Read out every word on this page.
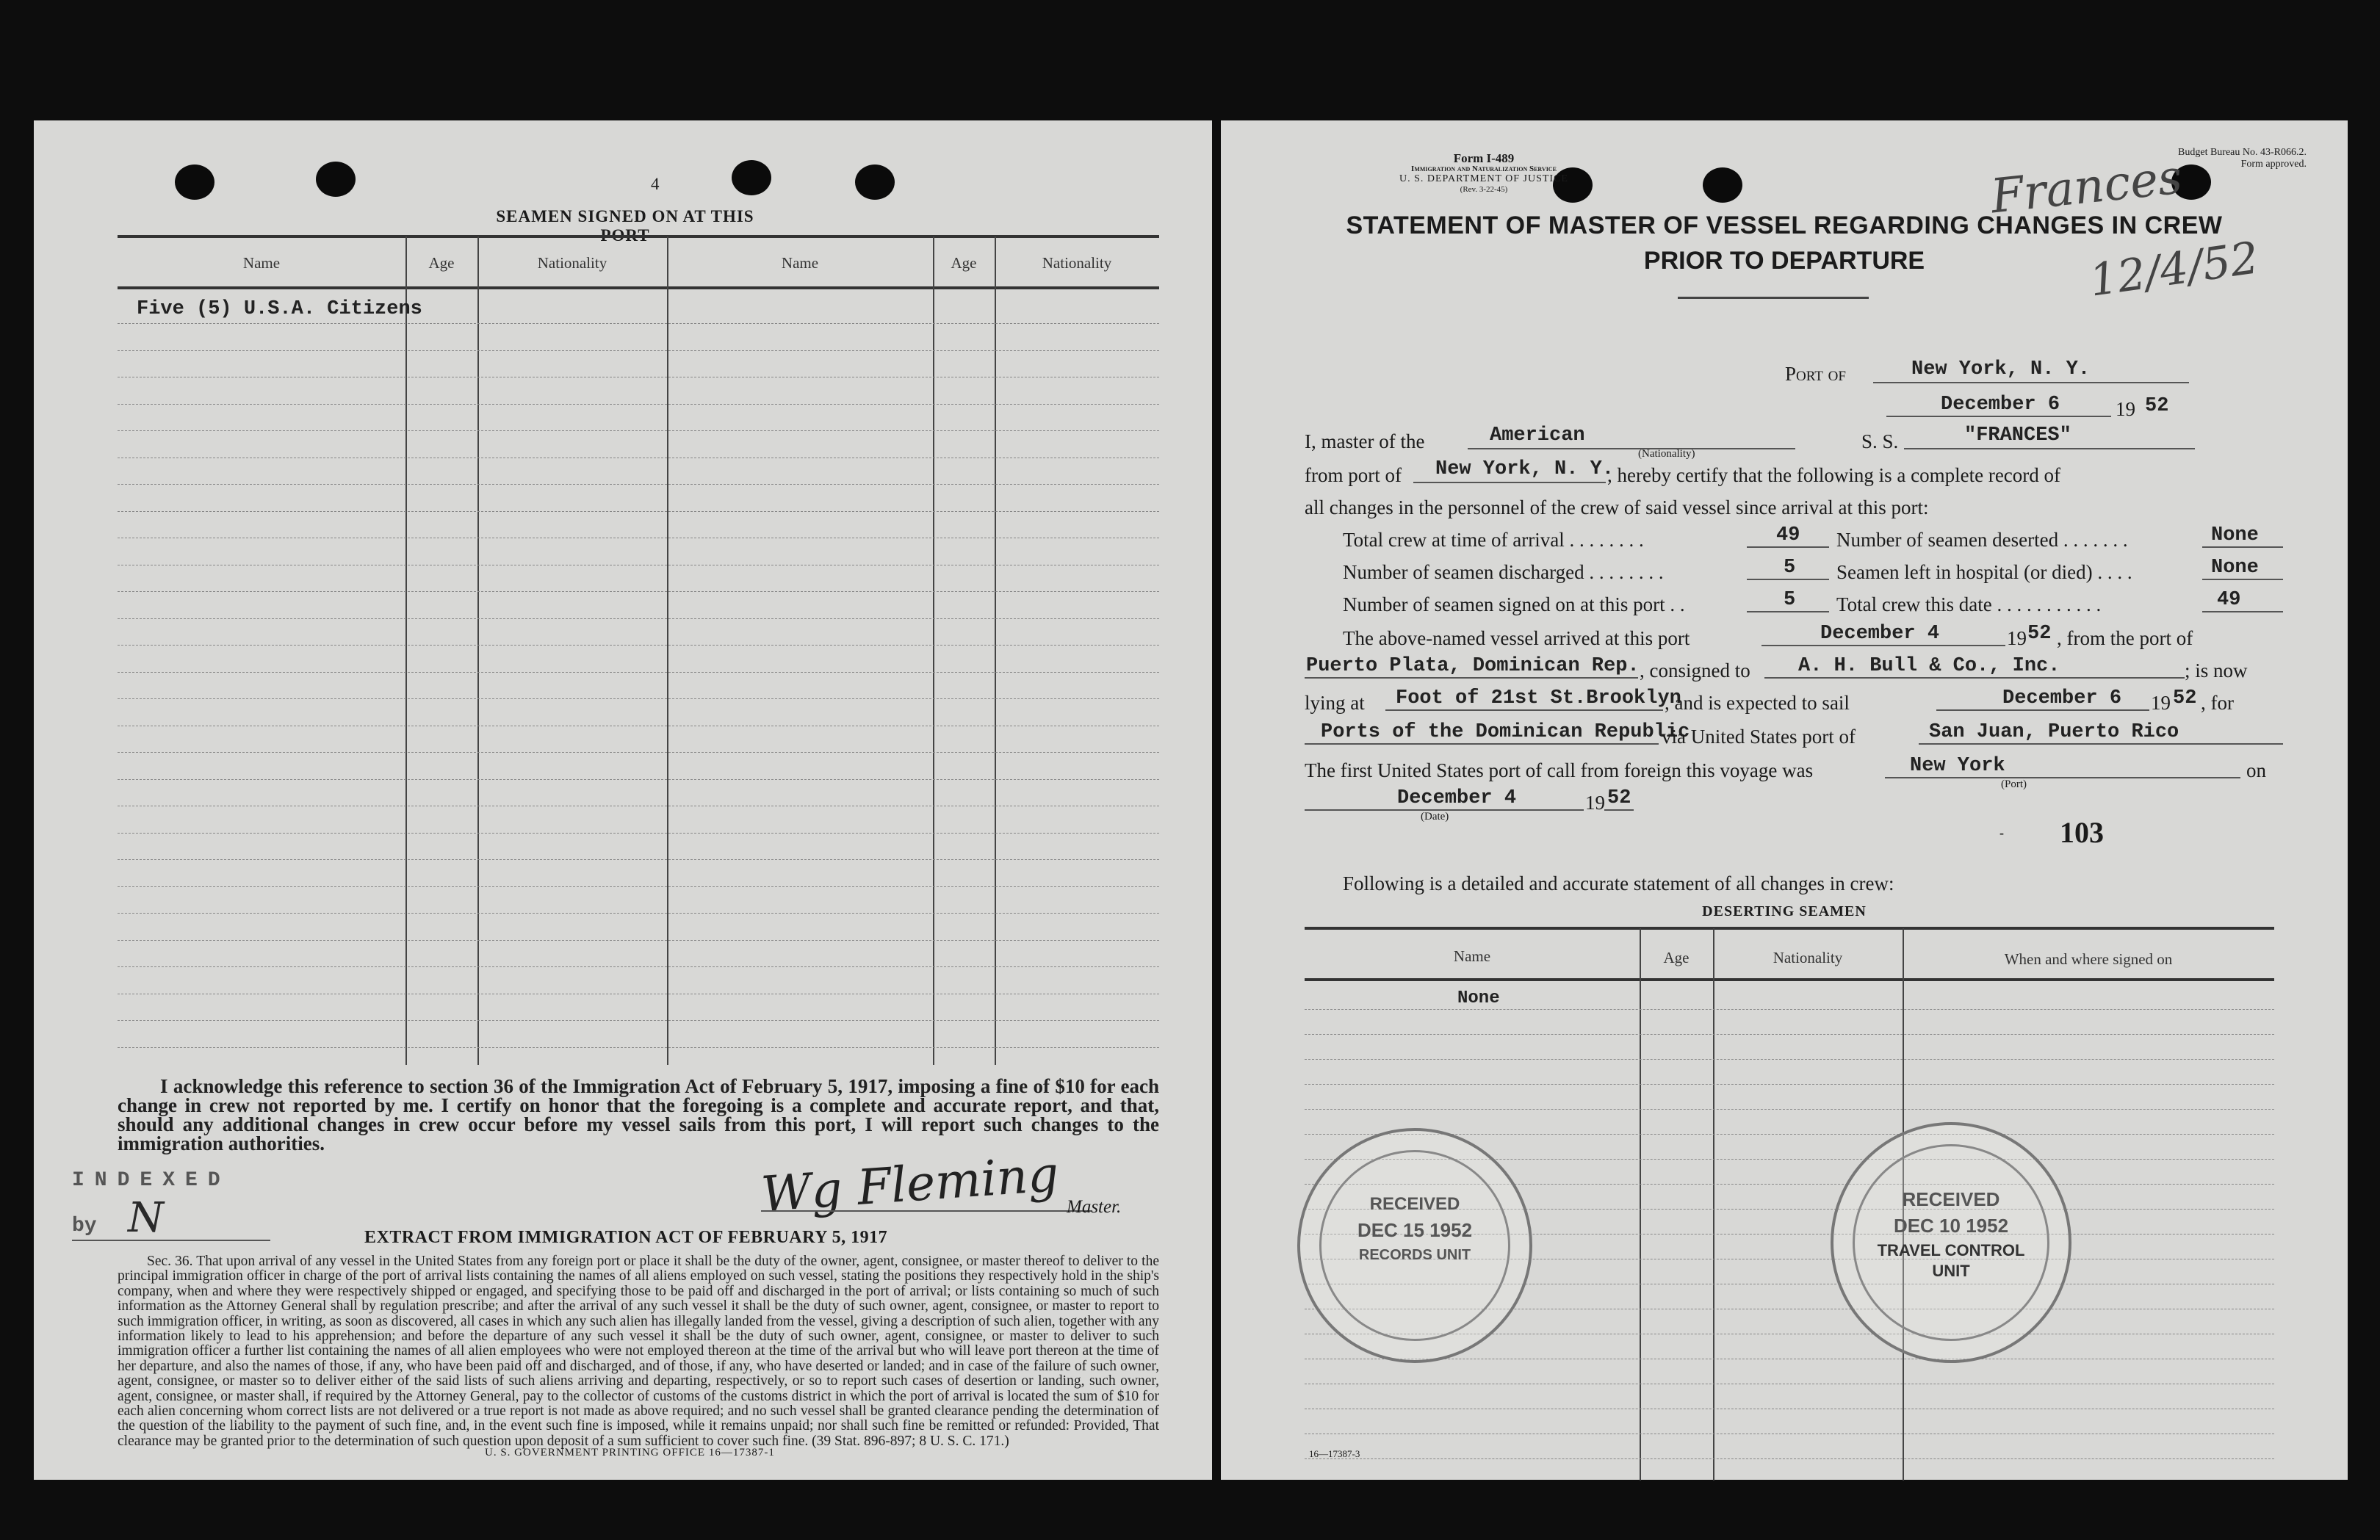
4
SEAMEN SIGNED ON AT THIS PORT
Name	Age	Nationality	Name	Age	Nationality
Five (5) U.S.A. Citizens
I acknowledge this reference to section 36 of the Immigration Act of February 5, 1917, imposing a fine of $10 for each change in crew not reported by me. I certify on honor that the foregoing is a complete and accurate report, and that, should any additional changes in crew occur before my vessel sails from this port, I will report such changes to the immigration authorities.
INDEXED
by N	Wg Fleming Master.
EXTRACT FROM IMMIGRATION ACT OF FEBRUARY 5, 1917
Sec. 36. That upon arrival of any vessel in the United States from any foreign port or place it shall be the duty of the owner, agent, consignee, or master thereof to deliver to the principal immigration officer in charge of the port of arrival lists containing the names of all aliens employed on such vessel, stating the positions they respectively hold in the ship's company, when and where they were respectively shipped or engaged, and specifying those to be paid off and discharged in the port of arrival; or lists containing so much of such information as the Attorney General shall by regulation prescribe; and after the arrival of any such vessel it shall be the duty of such owner, agent, consignee, or master to report to such immigration officer, in writing, as soon as discovered, all cases in which any such alien has illegally landed from the vessel, giving a description of such alien, together with any information likely to lead to his apprehension; and before the departure of any such vessel it shall be the duty of such owner, agent, consignee, or master to deliver to such immigration officer a further list containing the names of all alien employees who were not employed thereon at the time of the arrival but who will leave port thereon at the time of her departure, and also the names of those, if any, who have been paid off and discharged, and of those, if any, who have deserted or landed; and in case of the failure of such owner, agent, consignee, or master so to deliver either of the said lists of such aliens arriving and departing, respectively, or so to report such cases of desertion or landing, such owner, agent, consignee, or master shall, if required by the Attorney General, pay to the collector of customs of the customs district in which the port of arrival is located the sum of $10 for each alien concerning whom correct lists are not delivered or a true report is not made as above required; and no such vessel shall be granted clearance pending the determination of the question of the liability to the payment of such fine, and, in the event such fine is imposed, while it remains unpaid; nor shall such fine be remitted or refunded: Provided, That clearance may be granted prior to the determination of such question upon deposit of a sum sufficient to cover such fine. (39 Stat. 896-897; 8 U. S. C. 171.)
U. S. GOVERNMENT PRINTING OFFICE 16—17387-1
Form I-489
Immigration and Naturalization Service
U. S. DEPARTMENT OF JUSTICE
(Rev. 3-22-45)
Budget Bureau No. 43-R066.2.
Form approved.
Frances
12/4/52
STATEMENT OF MASTER OF VESSEL REGARDING CHANGES IN CREW
PRIOR TO DEPARTURE
Port of	New York, N. Y.
December 6	19 52
I, master of the	American
(Nationality)
S. S.	"FRANCES"
from port of New York, N. Y.
, hereby certify that the following is a complete record of
all changes in the personnel of the crew of said vessel since arrival at this port:
Total crew at time of arrival . . . . . . . .	49 Number of seamen deserted . . . . . . .	None
Number of seamen discharged . . . . . . . .	5 Seamen left in hospital (or died) . . . .	None
Number of seamen signed on at this port . .	5 Total crew this date . . . . . . . . . . .	49
The above-named vessel arrived at this port	December 4	19 52 , from the port of
Puerto Plata, Dominican Rep. , consigned to A. H. Bull & Co., Inc.	; is now
lying at Foot of 21st St.Brooklyn
, and is expected to sail	December 6 19 52 , for
Ports of the Dominican Republic
via United States port of	San Juan, Puerto Rico
The first United States port of call from foreign this voyage was	New York
(Port)
on
December 4
(Date)
19 52
- 103
Following is a detailed and accurate statement of all changes in crew:
DESERTING SEAMEN
Name	Age	Nationality	When and where signed on
None
RECEIVED
DEC 15 1952
RECORDS UNIT
RECEIVED
DEC 10 1952
TRAVEL CONTROL
UNIT
16—17387-3
